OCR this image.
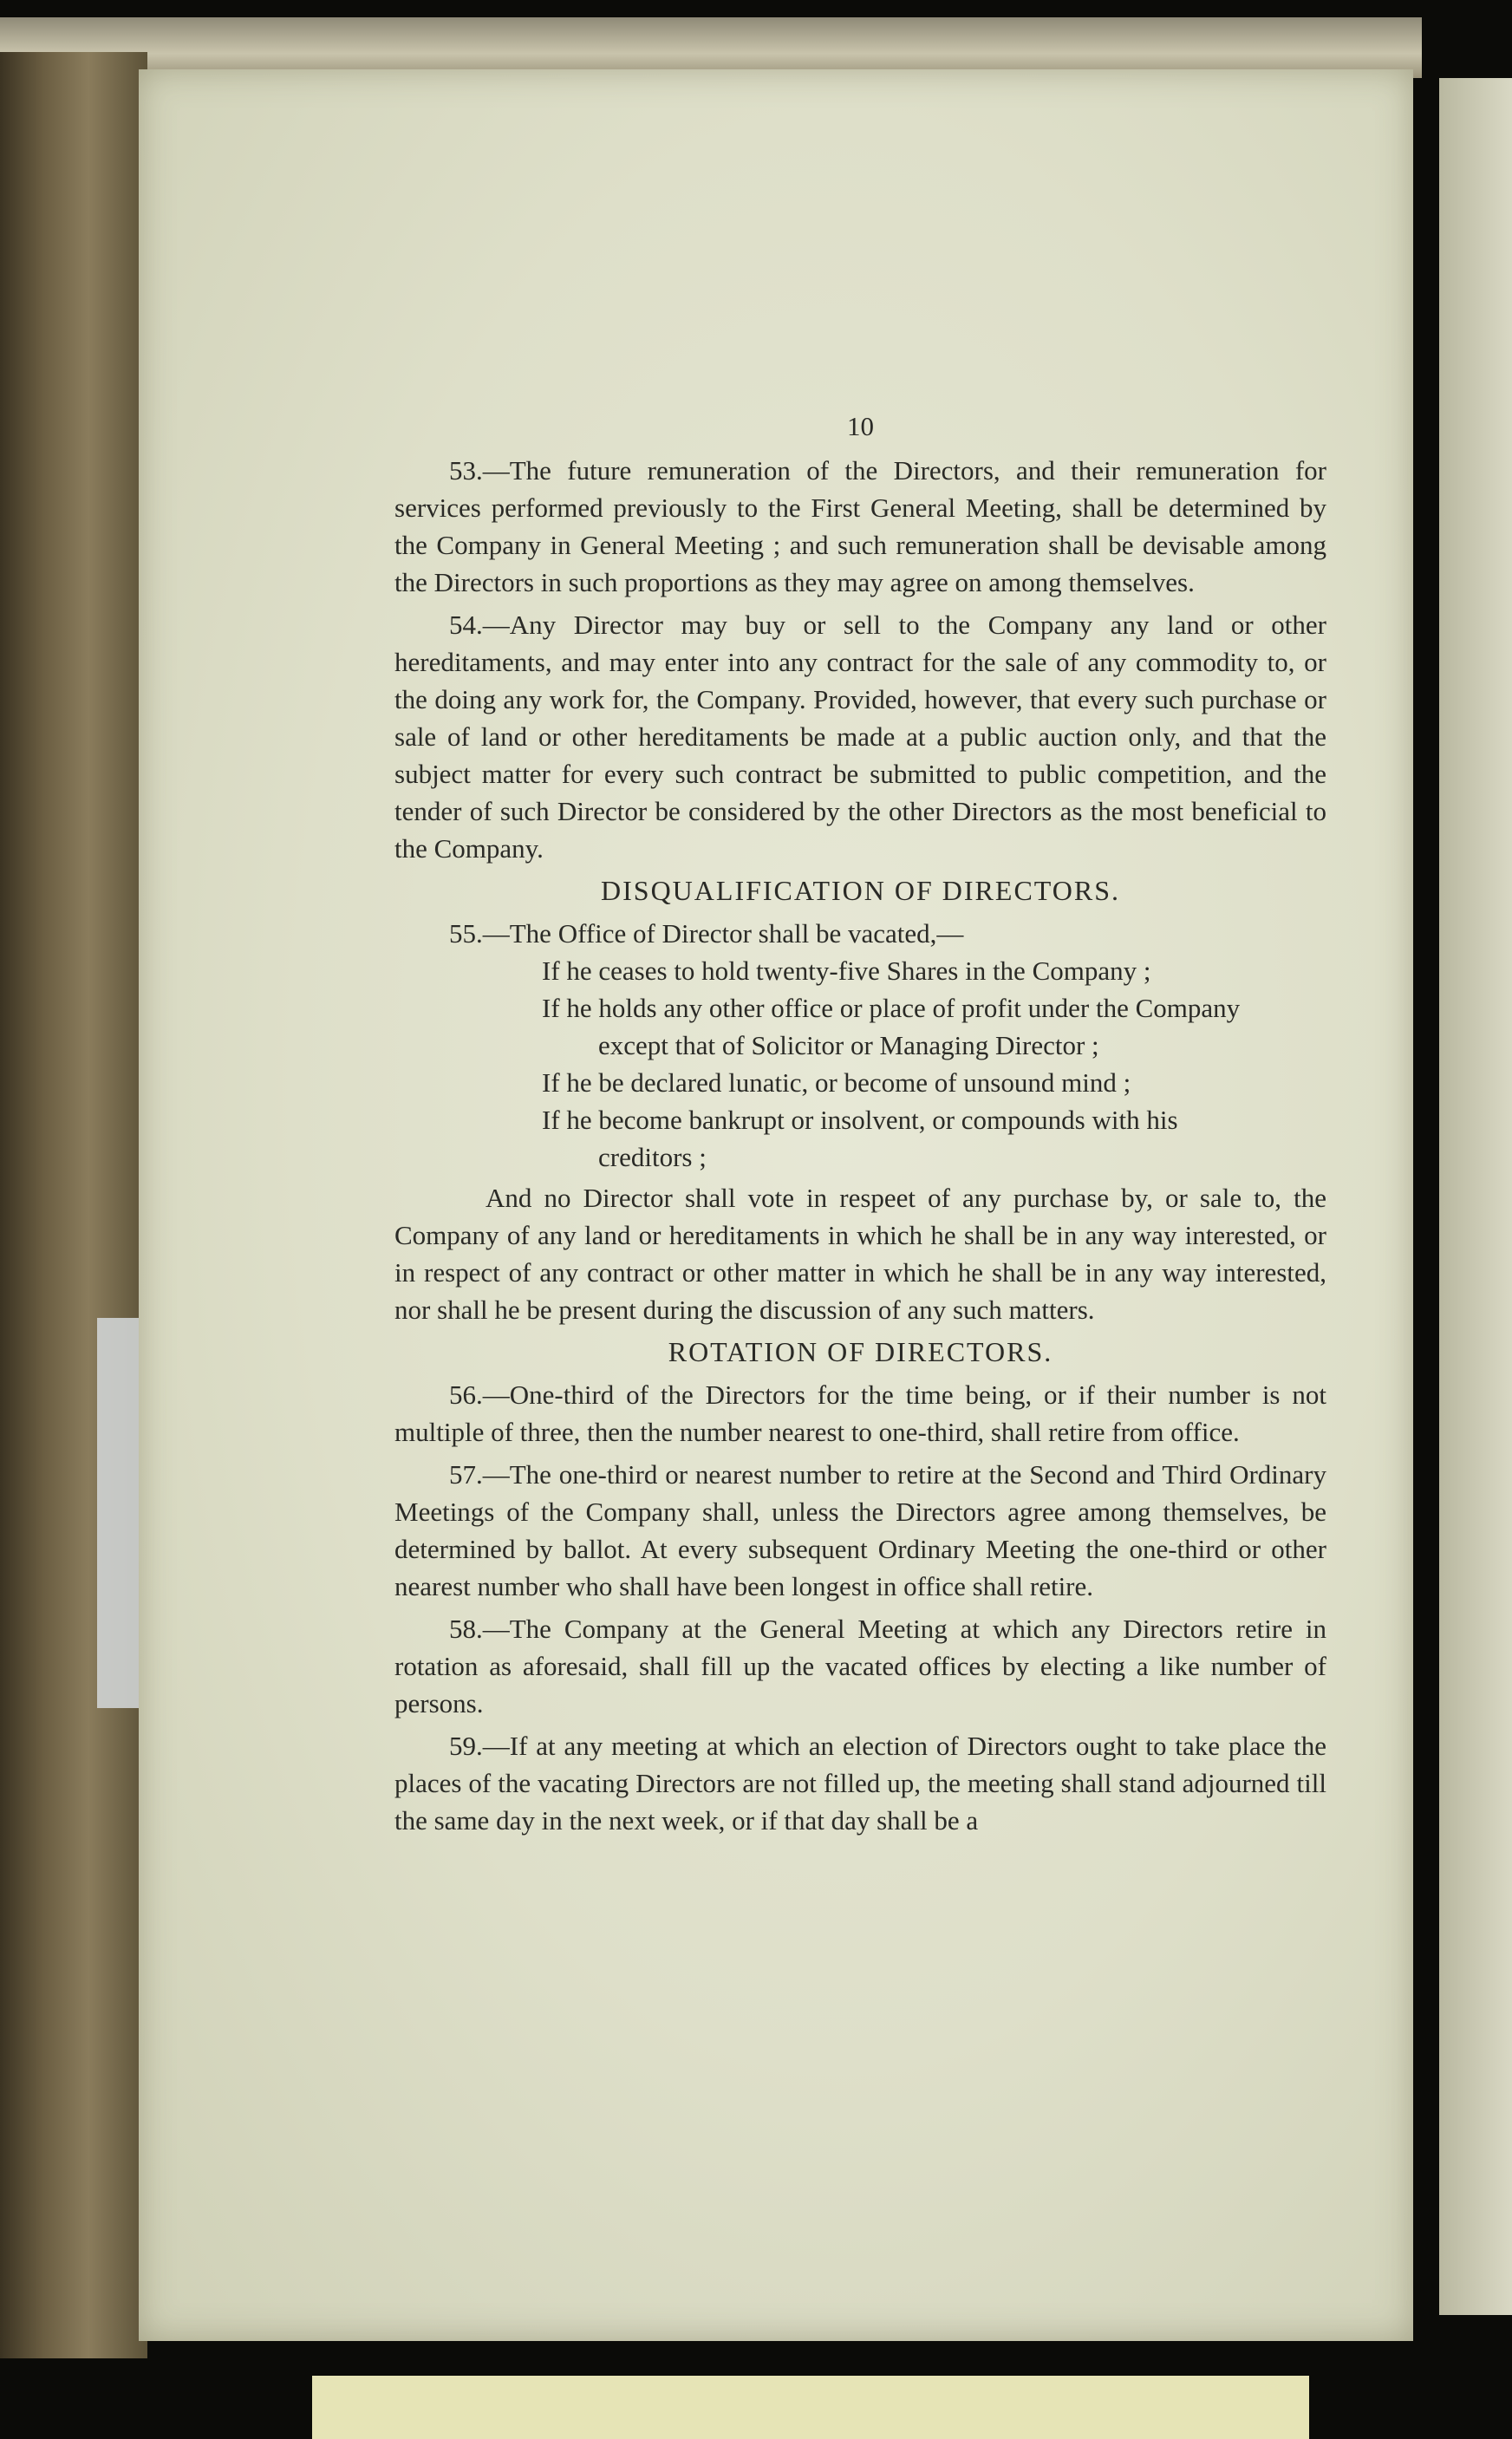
10

53.—The future remuneration of the Directors, and their remuneration for services performed previously to the First General Meeting, shall be determined by the Company in General Meeting ; and such remuneration shall be devisable among the Directors in such proportions as they may agree on among themselves.

54.—Any Director may buy or sell to the Company any land or other hereditaments, and may enter into any contract for the sale of any commodity to, or the doing any work for, the Company. Provided, however, that every such purchase or sale of land or other hereditaments be made at a public auction only, and that the subject matter for every such contract be submitted to public competition, and the tender of such Director be considered by the other Directors as the most beneficial to the Company.

DISQUALIFICATION OF DIRECTORS.

55.—The Office of Director shall be vacated,—

If he ceases to hold twenty-five Shares in the Company ;

If he holds any other office or place of profit under the Company
except that of Solicitor or Managing Director ;

If he be declared lunatic, or become of unsound mind ;

If he become bankrupt or insolvent, or compounds with his
creditors ;

And no Director shall vote in respeet of any purchase by, or sale to, the Company of any land or hereditaments in which he shall be in any way interested, or in respect of any contract or other matter in which he shall be in any way interested, nor shall he be present during the discussion of any such matters.

ROTATION OF DIRECTORS.

56.—One-third of the Directors for the time being, or if their number is not multiple of three, then the number nearest to one-third, shall retire from office.

57.—The one-third or nearest number to retire at the Second and Third Ordinary Meetings of the Company shall, unless the Directors agree among themselves, be determined by ballot. At every subsequent Ordinary Meeting the one-third or other nearest number who shall have been longest in office shall retire.

58.—The Company at the General Meeting at which any Directors retire in rotation as aforesaid, shall fill up the vacated offices by electing a like number of persons.

59.—If at any meeting at which an election of Directors ought to take place the places of the vacating Directors are not filled up, the meeting shall stand adjourned till the same day in the next week, or if that day shall be a
